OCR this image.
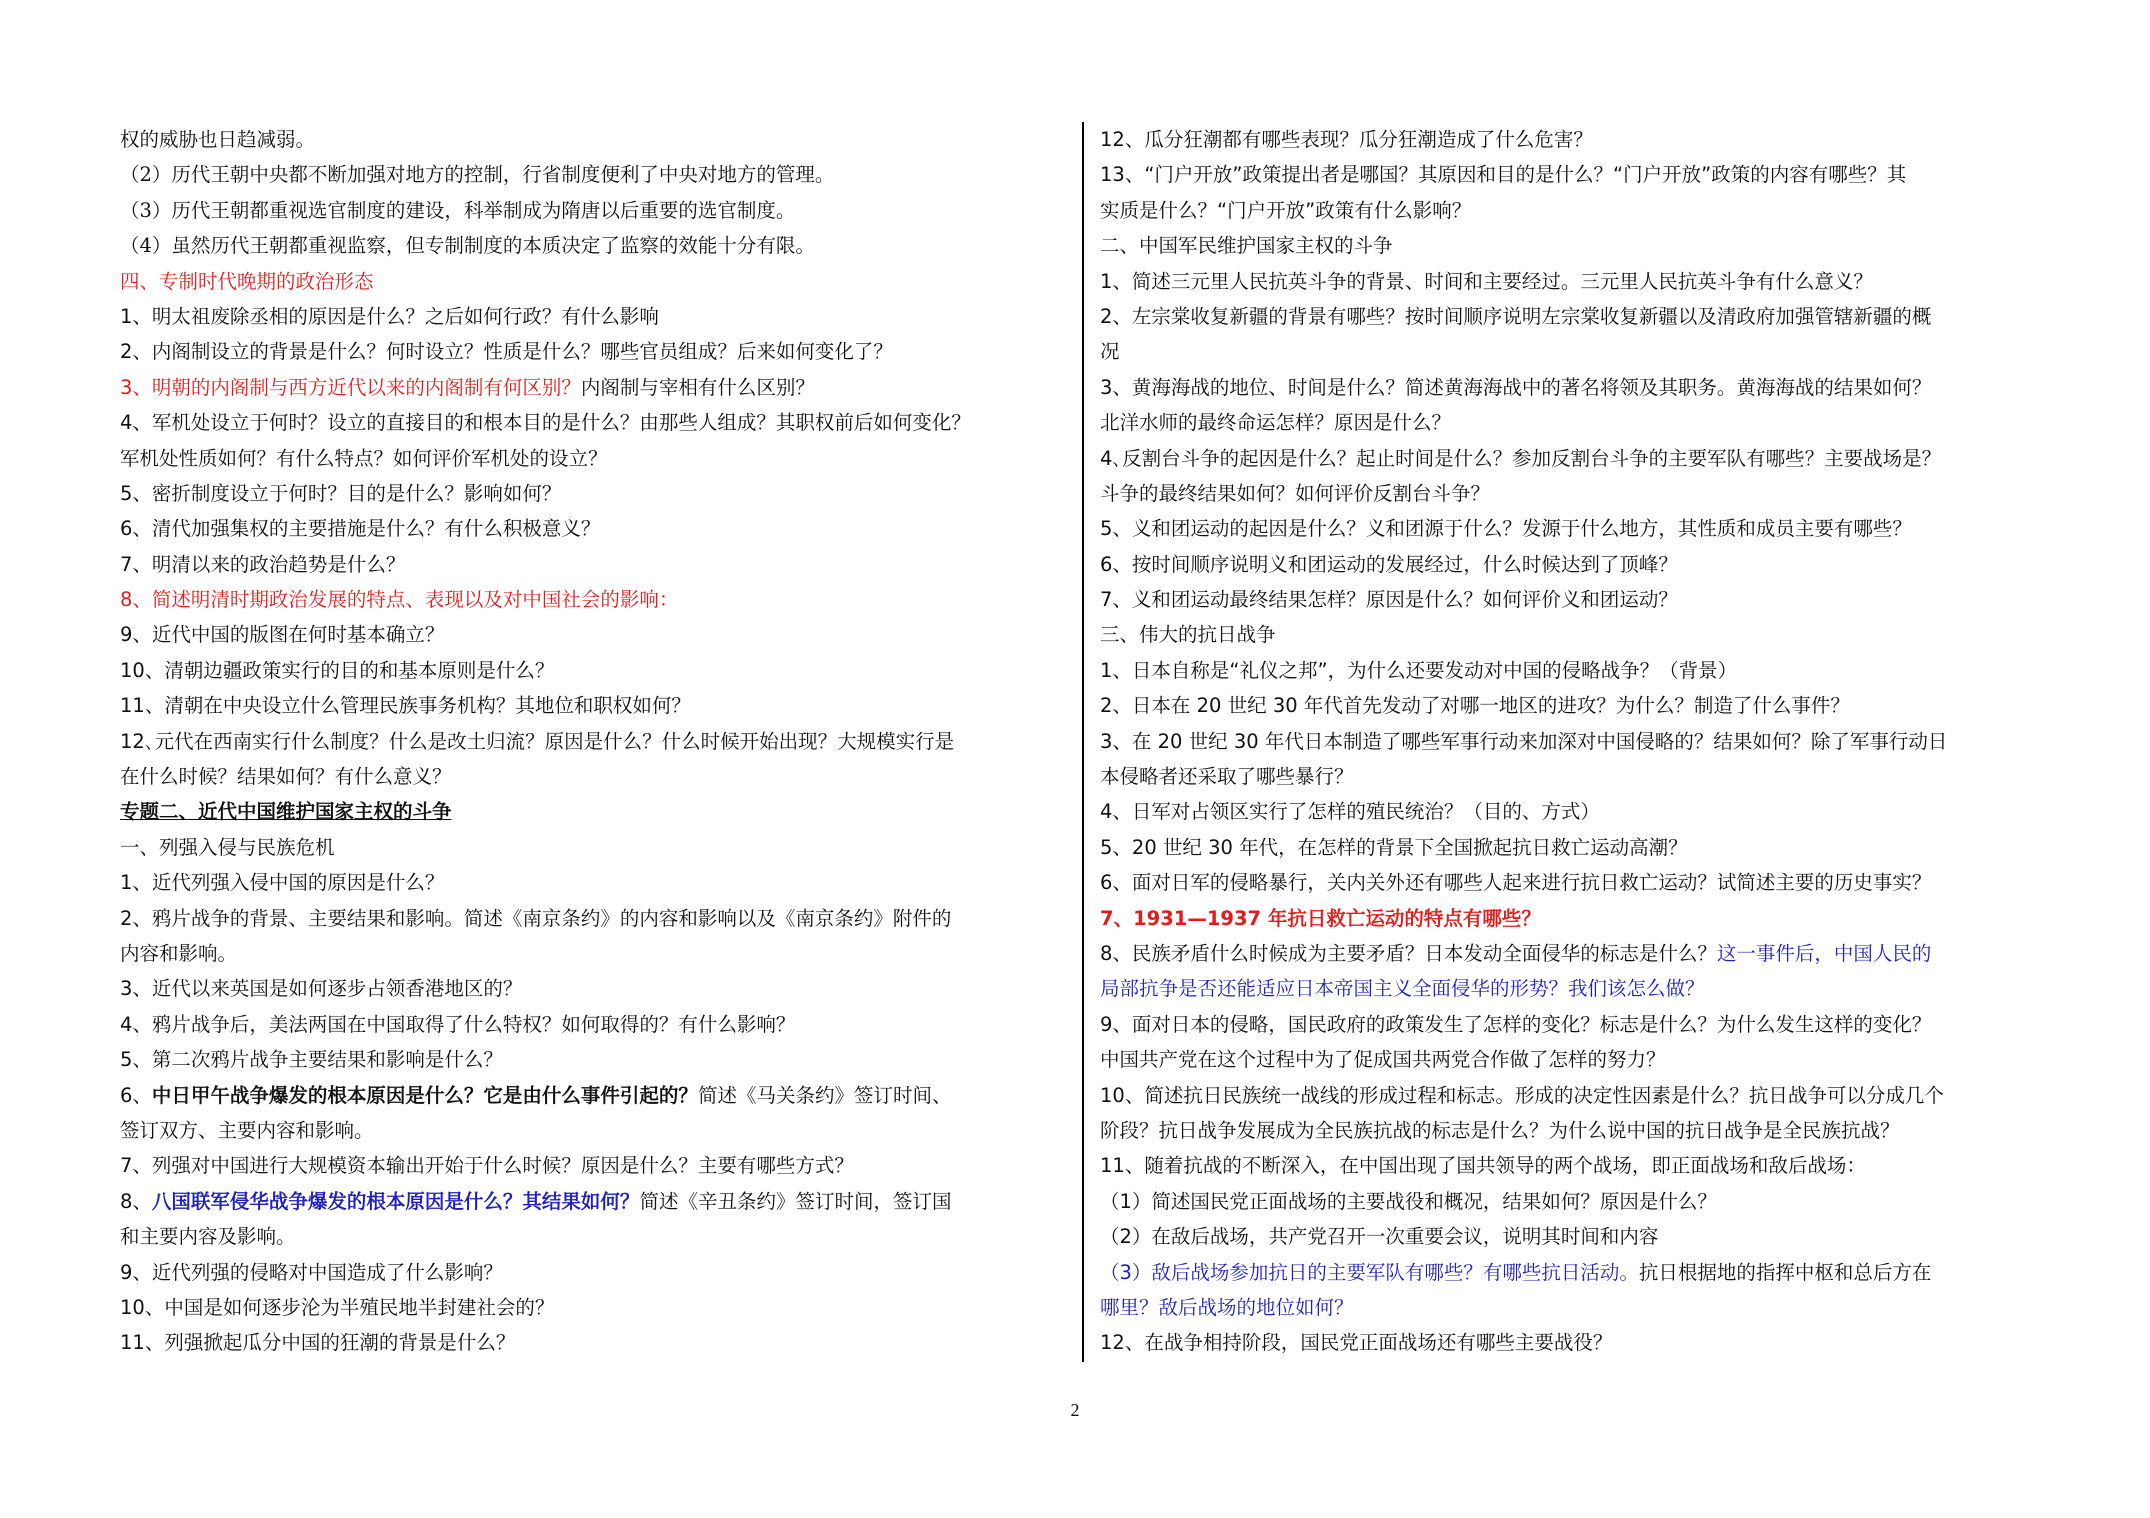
权的威胁也日趋减弱。
（2）历代王朝中央都不断加强对地方的控制，行省制度便利了中央对地方的管理。
（3）历代王朝都重视选官制度的建设，科举制成为隋唐以后重要的选官制度。
（4）虽然历代王朝都重视监察，但专制制度的本质决定了监察的效能十分有限。
四、专制时代晚期的政治形态
1、明太祖废除丞相的原因是什么？之后如何行政？有什么影响
2、内阁制设立的背景是什么？何时设立？性质是什么？哪些官员组成？后来如何变化了？
3、明朝的内阁制与西方近代以来的内阁制有何区别？内阁制与宰相有什么区别？
4、军机处设立于何时？设立的直接目的和根本目的是什么？由那些人组成？其职权前后如何变化？
军机处性质如何？有什么特点？如何评价军机处的设立？
5、密折制度设立于何时？目的是什么？影响如何？
6、清代加强集权的主要措施是什么？有什么积极意义？
7、明清以来的政治趋势是什么？
8、简述明清时期政治发展的特点、表现以及对中国社会的影响：
9、近代中国的版图在何时基本确立？
10、清朝边疆政策实行的目的和基本原则是什么？
11、清朝在中央设立什么管理民族事务机构？其地位和职权如何？
12､元代在西南实行什么制度？什么是改土归流？原因是什么？什么时候开始出现？大规模实行是
在什么时候？结果如何？有什么意义？
专题二、近代中国维护国家主权的斗争
一、列强入侵与民族危机
1、近代列强入侵中国的原因是什么？
2、鸦片战争的背景、主要结果和影响。简述《南京条约》的内容和影响以及《南京条约》附件的
内容和影响。
3、近代以来英国是如何逐步占领香港地区的？
4、鸦片战争后，美法两国在中国取得了什么特权？如何取得的？有什么影响？
5、第二次鸦片战争主要结果和影响是什么？
6、中日甲午战争爆发的根本原因是什么？它是由什么事件引起的？简述《马关条约》签订时间、
签订双方、主要内容和影响。
7、列强对中国进行大规模资本输出开始于什么时候？原因是什么？主要有哪些方式？
8、八国联军侵华战争爆发的根本原因是什么？其结果如何？简述《辛丑条约》签订时间，签订国
和主要内容及影响。
9、近代列强的侵略对中国造成了什么影响？
10、中国是如何逐步沦为半殖民地半封建社会的？
11、列强掀起瓜分中国的狂潮的背景是什么？
12、瓜分狂潮都有哪些表现？瓜分狂潮造成了什么危害？
13、“门户开放”政策提出者是哪国？其原因和目的是什么？“门户开放”政策的内容有哪些？其
实质是什么？“门户开放”政策有什么影响？
二、中国军民维护国家主权的斗争
1、简述三元里人民抗英斗争的背景、时间和主要经过。三元里人民抗英斗争有什么意义？
2、左宗棠收复新疆的背景有哪些？按时间顺序说明左宗棠收复新疆以及清政府加强管辖新疆的概
况
3、黄海海战的地位、时间是什么？简述黄海海战中的著名将领及其职务。黄海海战的结果如何？
北洋水师的最终命运怎样？原因是什么？
4､反割台斗争的起因是什么？起止时间是什么？参加反割台斗争的主要军队有哪些？主要战场是？
斗争的最终结果如何？如何评价反割台斗争？
5、义和团运动的起因是什么？义和团源于什么？发源于什么地方，其性质和成员主要有哪些？
6、按时间顺序说明义和团运动的发展经过，什么时候达到了顶峰？
7、义和团运动最终结果怎样？原因是什么？如何评价义和团运动？
三、伟大的抗日战争
1、日本自称是“礼仪之邦”，为什么还要发动对中国的侵略战争？（背景）
2、日本在 20 世纪 30 年代首先发动了对哪一地区的进攻？为什么？制造了什么事件？
3、在 20 世纪 30 年代日本制造了哪些军事行动来加深对中国侵略的？结果如何？除了军事行动日
本侵略者还采取了哪些暴行？
4、日军对占领区实行了怎样的殖民统治？（目的、方式）
5、20 世纪 30 年代，在怎样的背景下全国掀起抗日救亡运动高潮？
6、面对日军的侵略暴行，关内关外还有哪些人起来进行抗日救亡运动？试简述主要的历史事实？
7、1931—1937 年抗日救亡运动的特点有哪些？
8、民族矛盾什么时候成为主要矛盾？日本发动全面侵华的标志是什么？这一事件后，中国人民的
局部抗争是否还能适应日本帝国主义全面侵华的形势？我们该怎么做？
9、面对日本的侵略，国民政府的政策发生了怎样的变化？标志是什么？为什么发生这样的变化？
中国共产党在这个过程中为了促成国共两党合作做了怎样的努力？
10、简述抗日民族统一战线的形成过程和标志。形成的决定性因素是什么？抗日战争可以分成几个
阶段？抗日战争发展成为全民族抗战的标志是什么？为什么说中国的抗日战争是全民族抗战？
11、随着抗战的不断深入，在中国出现了国共领导的两个战场，即正面战场和敌后战场：
（1）简述国民党正面战场的主要战役和概况，结果如何？原因是什么？
（2）在敌后战场，共产党召开一次重要会议，说明其时间和内容
（3）敌后战场参加抗日的主要军队有哪些？有哪些抗日活动。抗日根据地的指挥中枢和总后方在
哪里？敌后战场的地位如何？
12、在战争相持阶段，国民党正面战场还有哪些主要战役？
2
